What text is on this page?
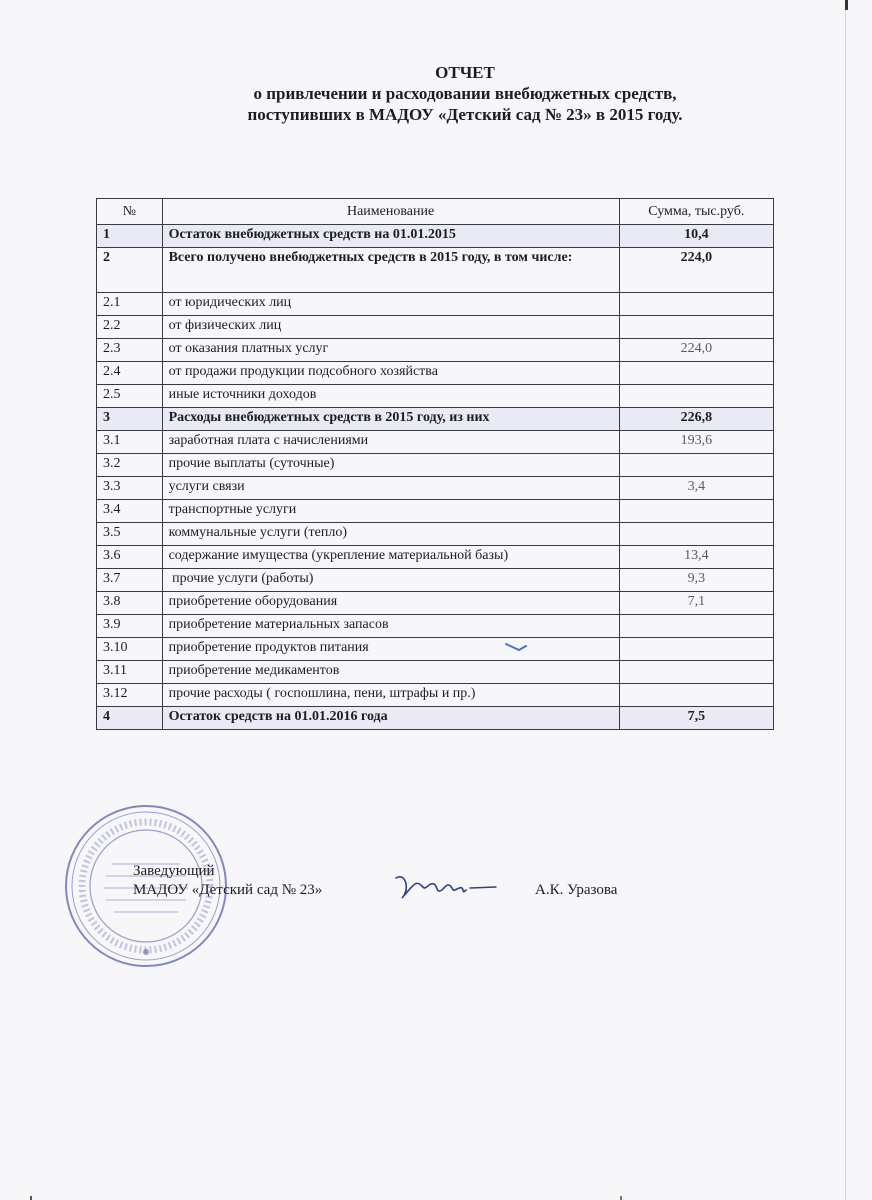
ОТЧЕТ
о привлечении и расходовании внебюджетных средств,
поступивших в МАДОУ «Детский сад № 23» в 2015 году.
№	Наименование	Сумма, тыс.руб.
1	Остаток внебюджетных средств на 01.01.2015	10,4
2	Всего получено внебюджетных средств в 2015 году, в том числе:	224,0
2.1	от юридических лиц	
2.2	от физических лиц	
2.3	от оказания платных услуг	224,0
2.4	от продажи продукции подсобного хозяйства	
2.5	иные источники доходов	
3	Расходы внебюджетных средств в 2015 году, из них	226,8
3.1	заработная плата с начислениями	193,6
3.2	прочие выплаты (суточные)	
3.3	услуги связи	3,4
3.4	транспортные услуги	
3.5	коммунальные услуги (тепло)	
3.6	содержание имущества (укрепление материальной базы)	13,4
3.7	прочие услуги (работы)	9,3
3.8	приобретение оборудования	7,1
3.9	приобретение материальных запасов	
3.10	приобретение продуктов питания	
3.11	приобретение медикаментов	
3.12	прочие расходы ( госпошлина, пени, штрафы и пр.)	
4	Остаток средств на 01.01.2016 года	7,5
Заведующий
МАДОУ «Детский сад № 23»	А.К. Уразова
